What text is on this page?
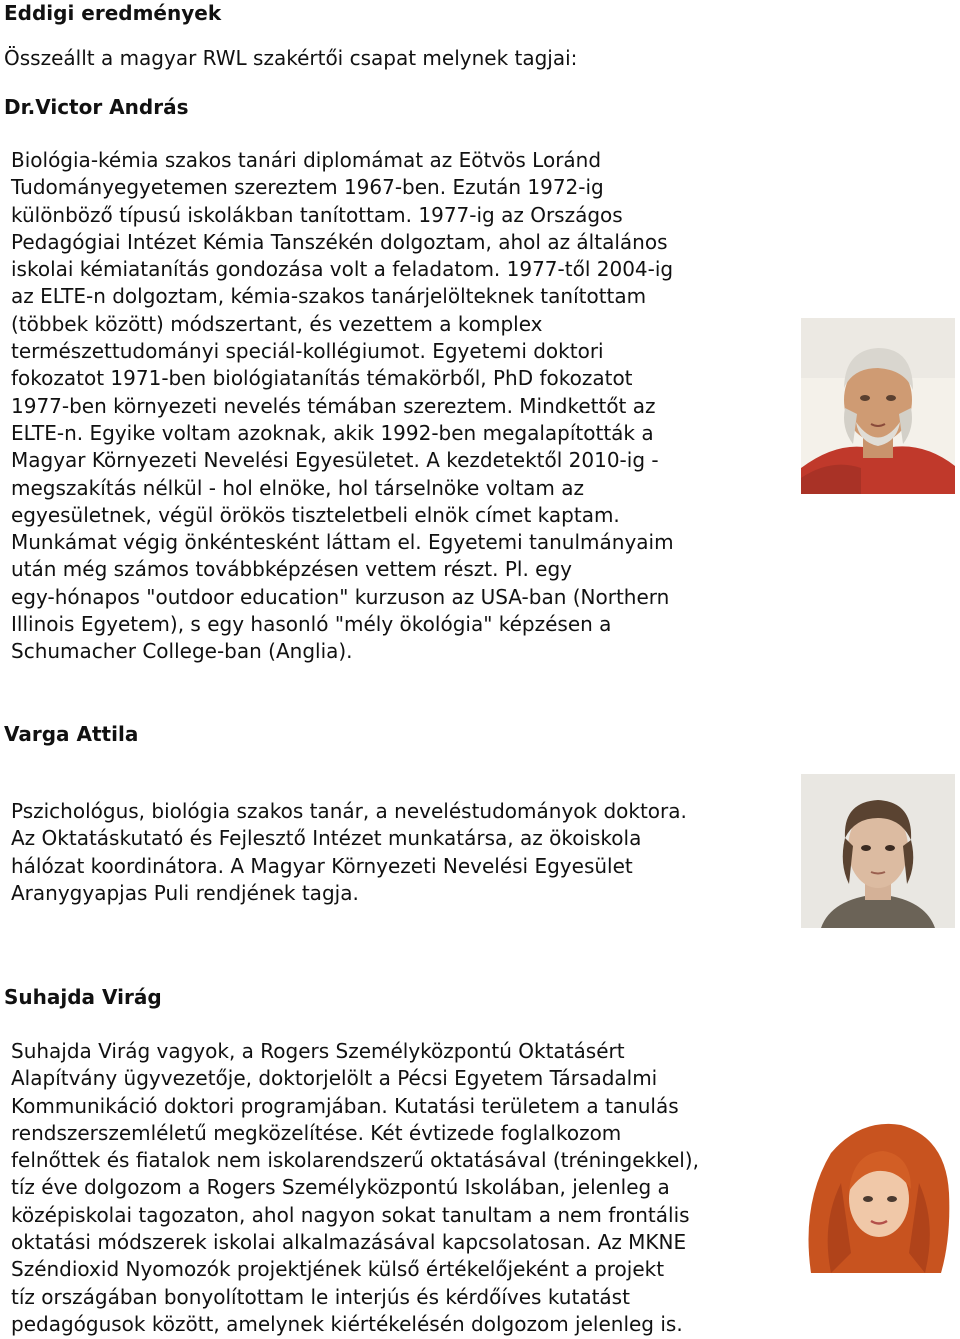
Eddigi eredmények

Összeállt a magyar RWL szakértői csapat melynek tagjai:

Dr.Victor András

Biológia-kémia szakos tanári diplomámat az Eötvös Loránd
Tudományegyetemen szereztem 1967-ben. Ezután 1972-ig
különböző típusú iskolákban tanítottam. 1977-ig az Országos
Pedagógiai Intézet Kémia Tanszékén dolgoztam, ahol az általános
iskolai kémiatanítás gondozása volt a feladatom. 1977-től 2004-ig
az ELTE-n dolgoztam, kémia-szakos tanárjelölteknek tanítottam
(többek között) módszertant, és vezettem a komplex
természettudományi speciál-kollégiumot. Egyetemi doktori
fokozatot 1971-ben biológiatanítás témakörből, PhD fokozatot
1977-ben környezeti nevelés témában szereztem. Mindkettőt az
ELTE-n. Egyike voltam azoknak, akik 1992-ben megalapították a
Magyar Környezeti Nevelési Egyesületet. A kezdetektől 2010-ig -
megszakítás nélkül - hol elnöke, hol társelnöke voltam az
egyesületnek, végül örökös tiszteletbeli elnök címet kaptam.
Munkámat végig önkéntesként láttam el. Egyetemi tanulmányaim
után még számos továbbképzésen vettem részt. Pl. egy
egy-hónapos "outdoor education" kurzuson az USA-ban (Northern
Illinois Egyetem), s egy hasonló "mély ökológia" képzésen a
Schumacher College-ban (Anglia).

Varga Attila

Pszichológus, biológia szakos tanár, a neveléstudományok doktora.
Az Oktatáskutató és Fejlesztő Intézet munkatársa, az ökoiskola
hálózat koordinátora. A Magyar Környezeti Nevelési Egyesület
Aranygyapjas Puli rendjének tagja.

Suhajda Virág

Suhajda Virág vagyok, a Rogers Személyközpontú Oktatásért
Alapítvány ügyvezetője, doktorjelölt a Pécsi Egyetem Társadalmi
Kommunikáció doktori programjában. Kutatási területem a tanulás
rendszerszemléletű megközelítése. Két évtizede foglalkozom
felnőttek és fiatalok nem iskolarendszerű oktatásával (tréningekkel),
tíz éve dolgozom a Rogers Személyközpontú Iskolában, jelenleg a
középiskolai tagozaton, ahol nagyon sokat tanultam a nem frontális
oktatási módszerek iskolai alkalmazásával kapcsolatosan. Az MKNE
Széndioxid Nyomozók projektjének külső értékelőjeként a projekt
tíz országában bonyolítottam le interjús és kérdőíves kutatást
pedagógusok között, amelynek kiértékelésén dolgozom jelenleg is.
